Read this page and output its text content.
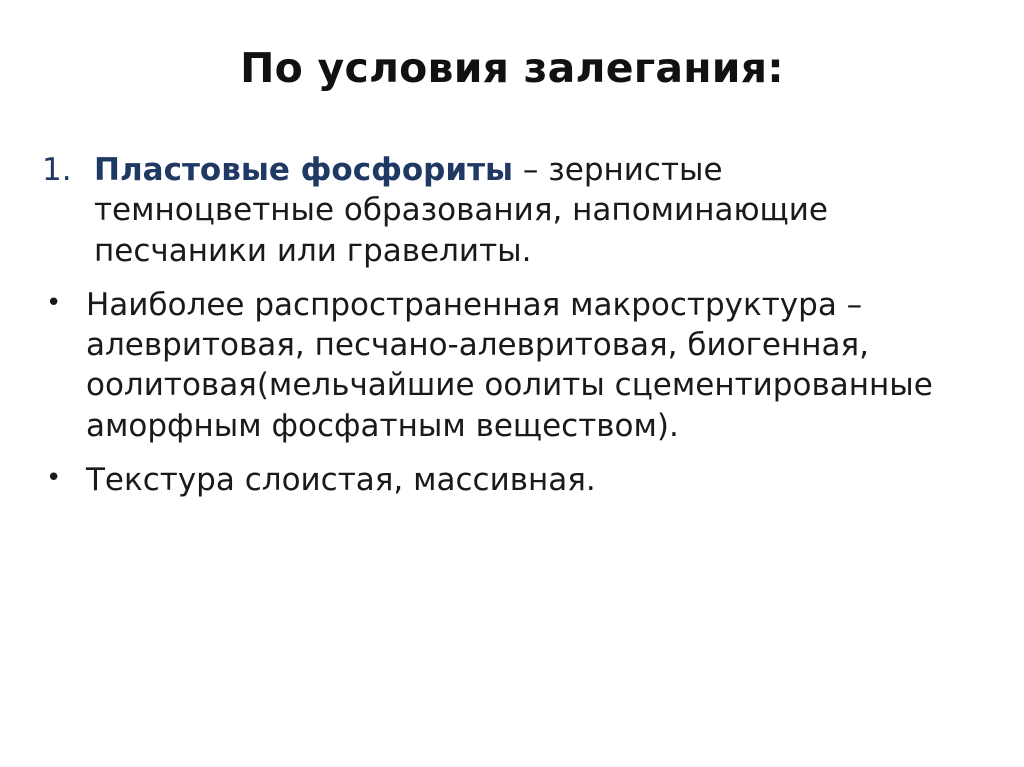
По условия залегания:
1. Пластовые фосфориты – зернистые темноцветные образования, напоминающие песчаники или гравелиты.
• Наиболее распространенная макроструктура – алевритовая, песчано-алевритовая, биогенная, оолитовая(мельчайшие оолиты сцементированные аморфным фосфатным веществом).
• Текстура слоистая, массивная.
